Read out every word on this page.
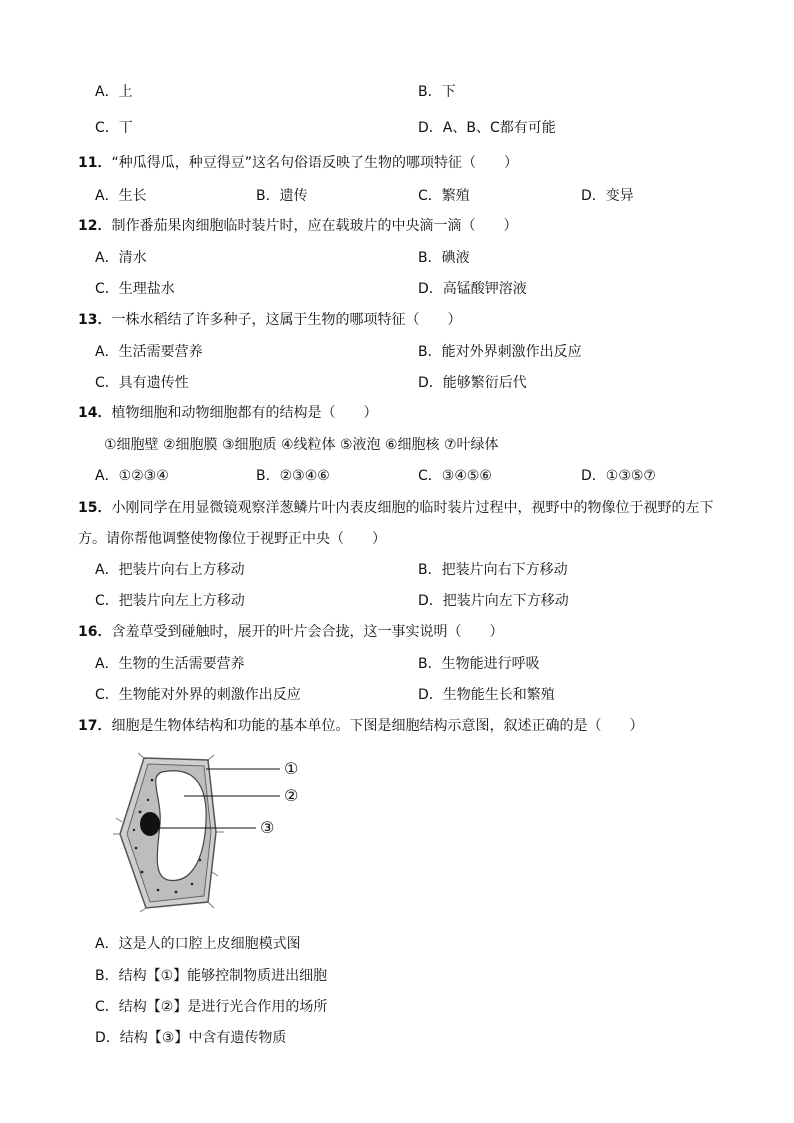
A．上	B．下
C．丅	D．A、B、C都有可能
11．“种瓜得瓜，种豆得豆”这名句俗语反映了生物的哪项特征（　　）
A．生长	B．遗传	C．繁殖	D．变异
12．制作番茄果肉细胞临时装片时，应在载玻片的中央滴一滴（　　）
A．清水	B．碘液
C．生理盐水	D．高锰酸钾溶液
13．一株水稻结了许多种子，这属于生物的哪项特征（　　）
A．生活需要营养	B．能对外界刺激作出反应
C．具有遗传性	D．能够繁衍后代
14．植物细胞和动物细胞都有的结构是（　　）
①细胞壁 ②细胞膜 ③细胞质 ④线粒体 ⑤液泡 ⑥细胞核 ⑦叶绿体
A．①②③④	B．②③④⑥	C．③④⑤⑥	D．①③⑤⑦
15．小刚同学在用显微镜观察洋葱鳞片叶内表皮细胞的临时装片过程中，视野中的物像位于视野的左下
方。请你帮他调整使物像位于视野正中央（　　）
A．把装片向右上方移动	B．把装片向右下方移动
C．把装片向左上方移动	D．把装片向左下方移动
16．含羞草受到碰触时，展开的叶片会合拢，这一事实说明（　　）
A．生物的生活需要营养	B．生物能进行呼吸
C．生物能对外界的刺激作出反应	D．生物能生长和繁殖
17．细胞是生物体结构和功能的基本单位。下图是细胞结构示意图，叙述正确的是（　　）
①
②
③
A．这是人的口腔上皮细胞模式图
B．结构【①】能够控制物质进出细胞
C．结构【②】是进行光合作用的场所
D．结构【③】中含有遗传物质
